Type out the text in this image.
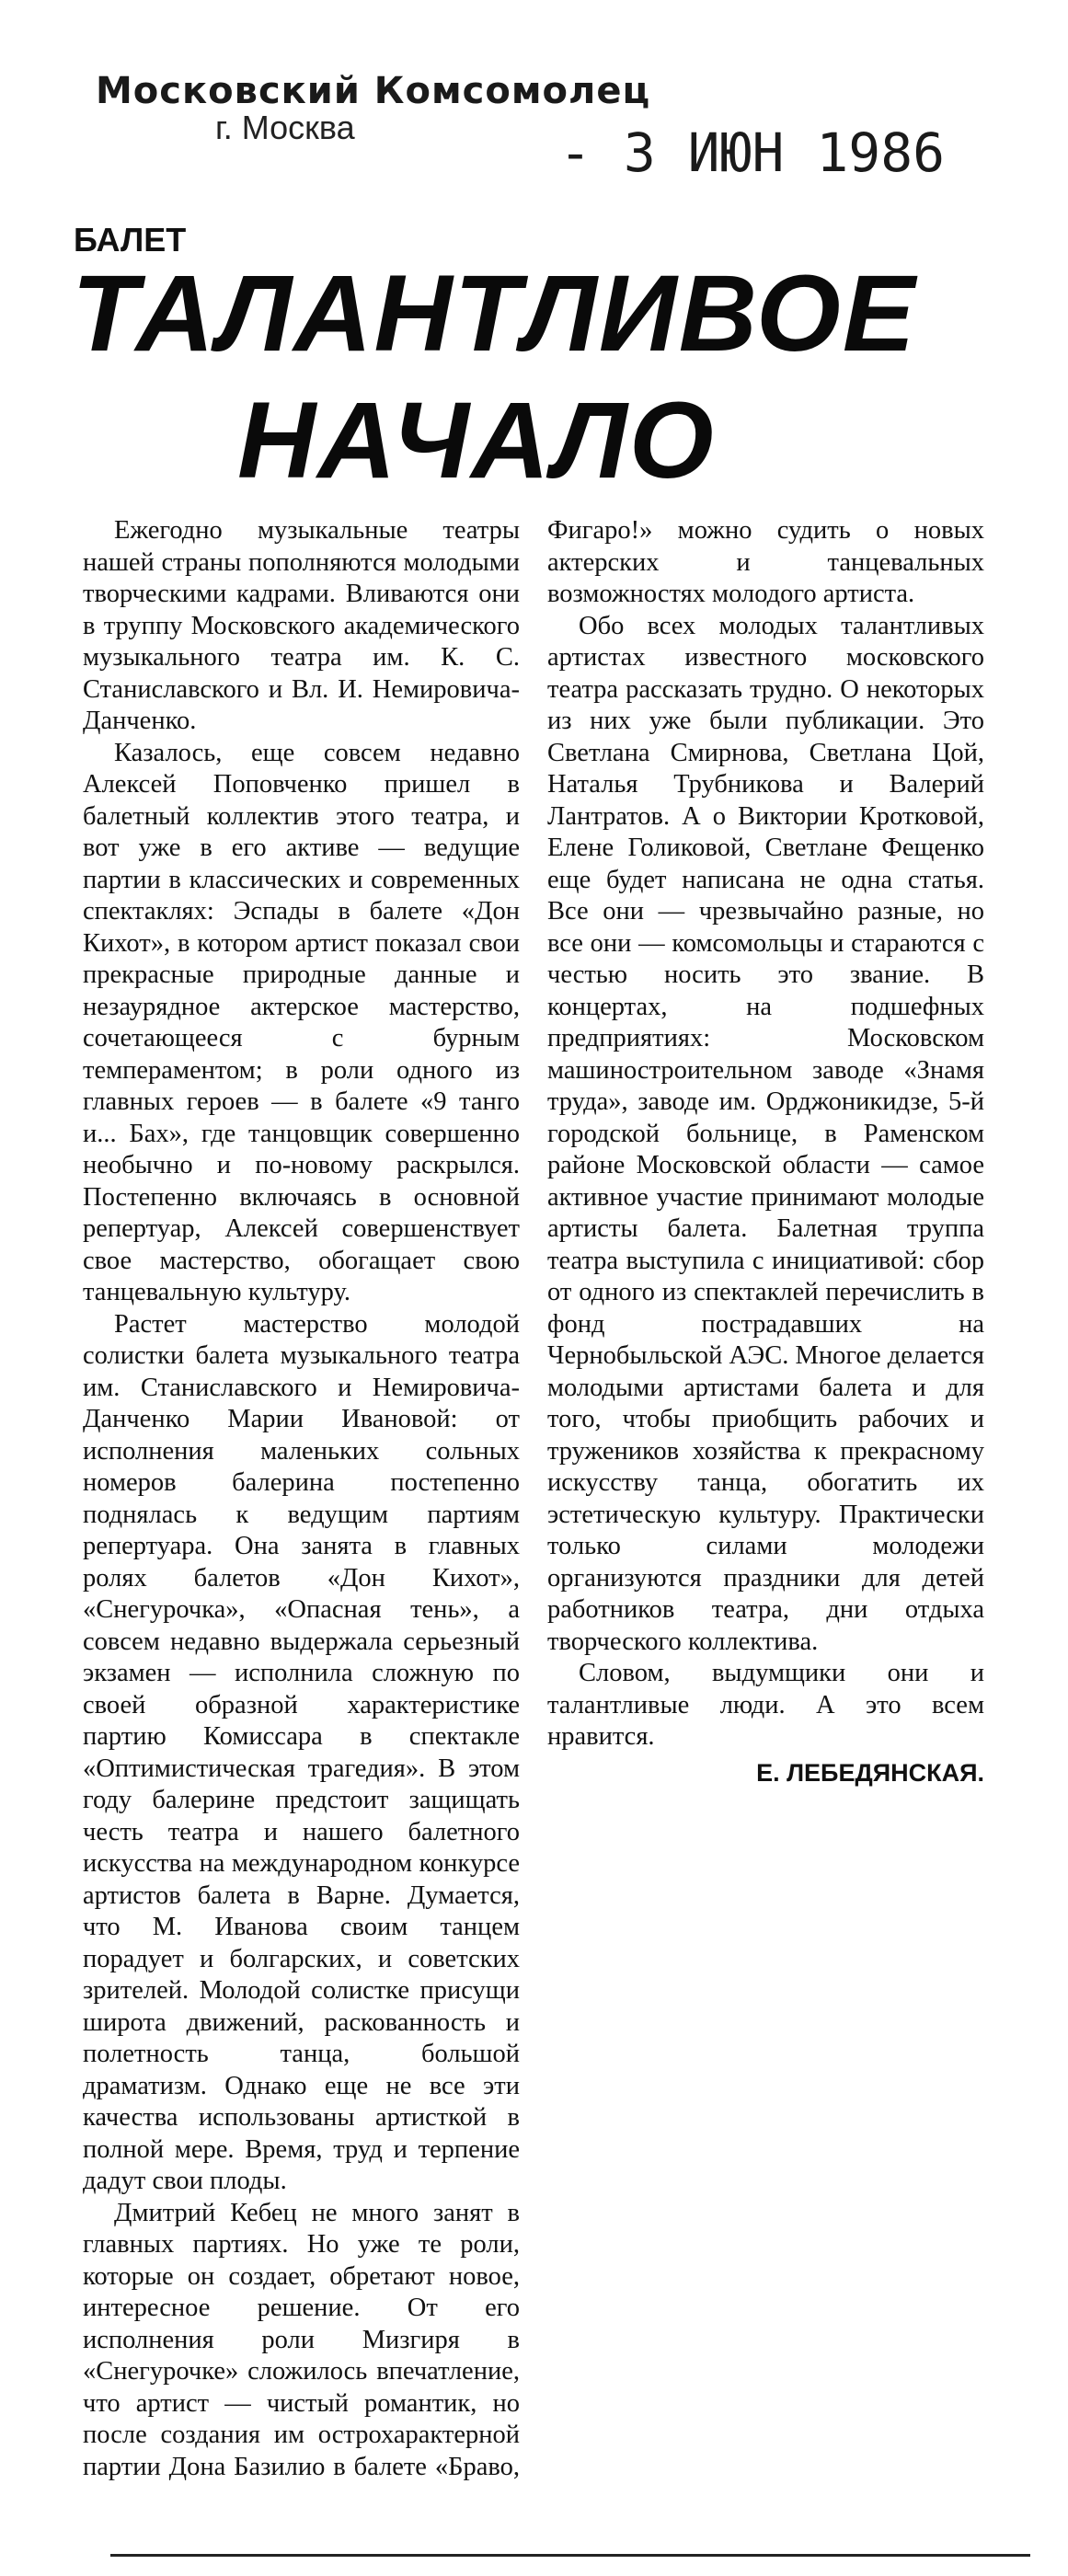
Московский Комсомолец
г. Москва	- 3 ИЮН 1986
БАЛЕТ
ТАЛАНТЛИВОЕ
НАЧАЛО

Ежегодно музыкальные театры нашей страны пополняются молодыми творческими кадрами. Вливаются они в труппу Московского академического музыкального театра им. К. С. Станиславского и Вл. И. Немировича-Данченко.

Казалось, еще совсем недавно Алексей Поповченко пришел в балетный коллектив этого театра, и вот уже в его активе — ведущие партии в классических и современных спектаклях: Эспады в балете «Дон Кихот», в котором артист показал свои прекрасные природные данные и незаурядное актерское мастерство, сочетающееся с бурным темпераментом; в роли одного из главных героев — в балете «9 танго и... Бах», где танцовщик совершенно необычно и по-новому раскрылся. Постепенно включаясь в основной репертуар, Алексей совершенствует свое мастерство, обогащает свою танцевальную культуру.

Растет мастерство молодой солистки балета музыкального театра им. Станиславского и Немировича-Данченко Марии Ивановой: от исполнения маленьких сольных номеров балерина постепенно поднялась к ведущим партиям репертуара. Она занята в главных ролях балетов «Дон Кихот», «Снегурочка», «Опасная тень», а совсем недавно выдержала серьезный экзамен — исполнила сложную по своей образной характеристике партию Комиссара в спектакле «Оптимистическая трагедия». В этом году балерине предстоит защищать честь театра и нашего балетного искусства на международном конкурсе артистов балета в Варне. Думается, что М. Иванова своим танцем порадует и болгарских, и советских зрителей. Молодой солистке присущи широта движений, раскованность и полетность танца, большой драматизм. Однако еще не все эти качества использованы артисткой в полной мере. Время, труд и терпение дадут свои плоды.

Дмитрий Кебец не много занят в главных партиях. Но уже те роли, которые он создает, обретают новое, интересное решение. От его исполнения роли Мизгиря в «Снегурочке» сложилось впечатление, что артист — чистый романтик, но после создания им острохарактерной партии Дона Базилио в балете «Браво, Фигаро!» можно судить о новых актерских и танцевальных возможностях молодого артиста.

Обо всех молодых талантливых артистах известного московского театра рассказать трудно. О некоторых из них уже были публикации. Это Светлана Смирнова, Светлана Цой, Наталья Трубникова и Валерий Лантратов. А о Виктории Кротковой, Елене Голиковой, Светлане Фещенко еще будет написана не одна статья. Все они — чрезвычайно разные, но все они — комсомольцы и стараются с честью носить это звание. В концертах, на подшефных предприятиях: Московском машиностроительном заводе «Знамя труда», заводе им. Орджоникидзе, 5-й городской больнице, в Раменском районе Московской области — самое активное участие принимают молодые артисты балета. Балетная труппа театра выступила с инициативой: сбор от одного из спектаклей перечислить в фонд пострадавших на Чернобыльской АЭС. Многое делается молодыми артистами балета и для того, чтобы приобщить рабочих и тружеников хозяйства к прекрасному искусству танца, обогатить их эстетическую культуру. Практически только силами молодежи организуются праздники для детей работников театра, дни отдыха творческого коллектива.

Словом, выдумщики они и талантливые люди. А это всем нравится.

Е. ЛЕБЕДЯНСКАЯ.
